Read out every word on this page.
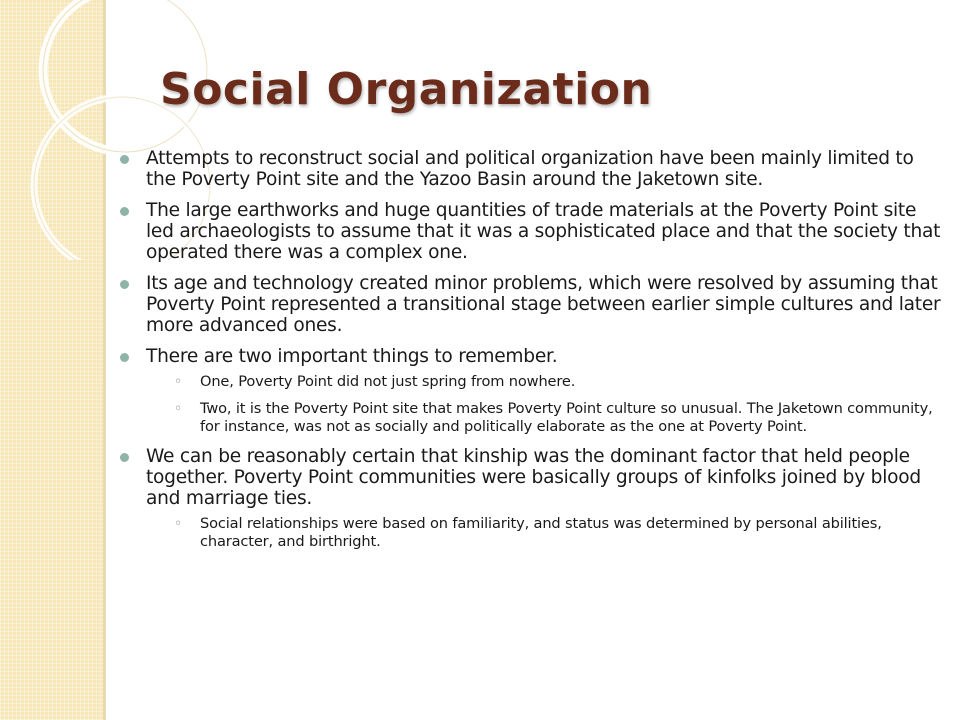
Social Organization
Attempts to reconstruct social and political organization have been mainly limited to the Poverty Point site and the Yazoo Basin around the Jaketown site.
The large earthworks and huge quantities of trade materials at the Poverty Point site led archaeologists to assume that it was a sophisticated place and that the society that operated there was a complex one.
Its age and technology created minor problems, which were resolved by assuming that Poverty Point represented a transitional stage between earlier simple cultures and later more advanced ones.
There are two important things to remember.
◦ One, Poverty Point did not just spring from nowhere.
◦ Two, it is the Poverty Point site that makes Poverty Point culture so unusual. The Jaketown community, for instance, was not as socially and politically elaborate as the one at Poverty Point.
We can be reasonably certain that kinship was the dominant factor that held people together. Poverty Point communities were basically groups of kinfolks joined by blood and marriage ties.
◦ Social relationships were based on familiarity, and status was determined by personal abilities, character, and birthright.
